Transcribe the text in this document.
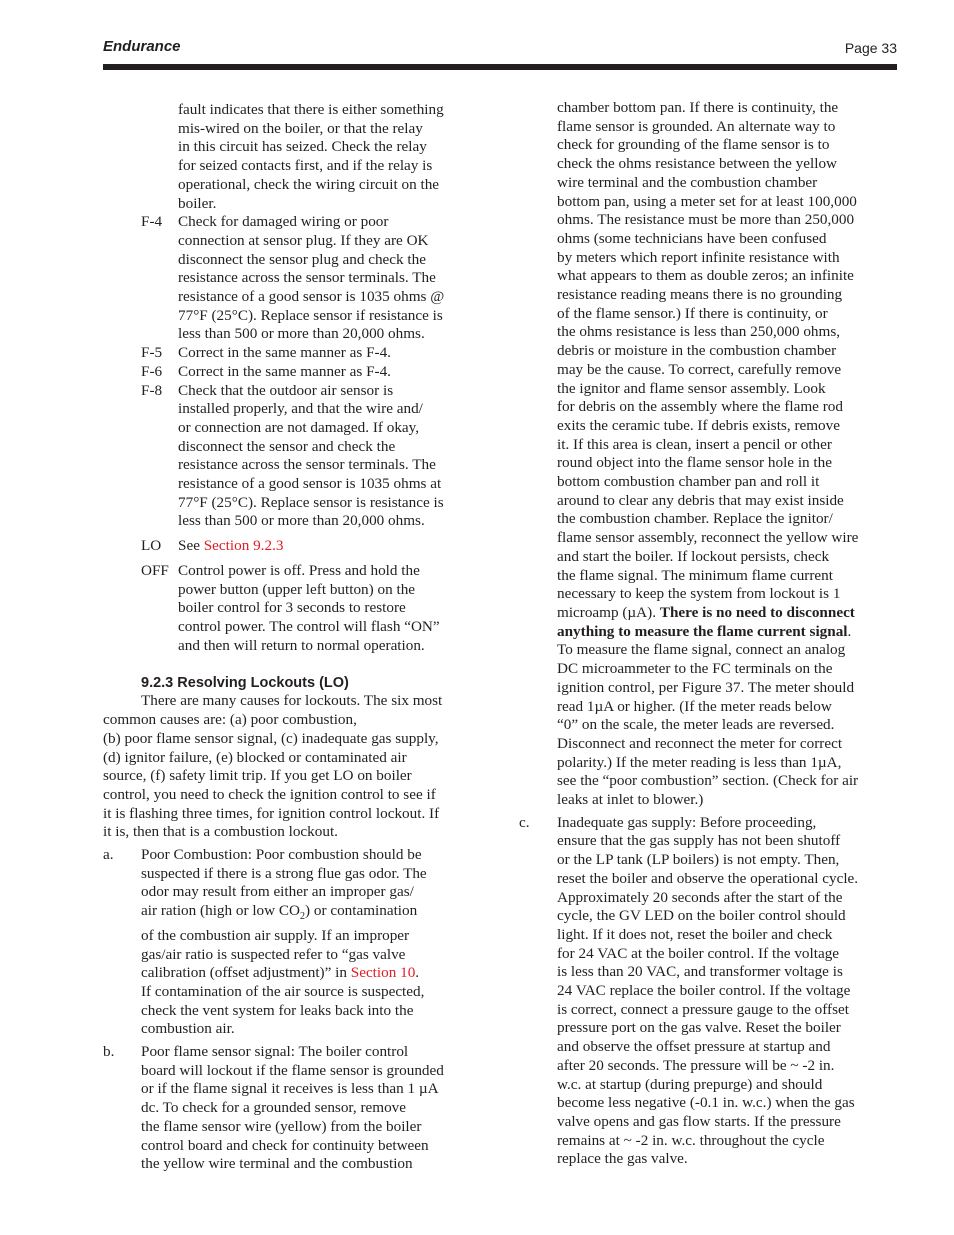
Endurance	Page 33
fault indicates that there is either something
mis-wired on the boiler, or that the relay
in this circuit has seized. Check the relay
for seized contacts first, and if the relay is
operational, check the wiring circuit on the
boiler.
F-4 Check for damaged wiring or poor
connection at sensor plug. If they are OK
disconnect the sensor plug and check the
resistance across the sensor terminals. The
resistance of a good sensor is 1035 ohms @
77°F (25°C). Replace sensor if resistance is
less than 500 or more than 20,000 ohms.
F-5 Correct in the same manner as F-4.
F-6 Correct in the same manner as F-4.
F-8 Check that the outdoor air sensor is
installed properly, and that the wire and/
or connection are not damaged. If okay,
disconnect the sensor and check the
resistance across the sensor terminals. The
resistance of a good sensor is 1035 ohms at
77°F (25°C). Replace sensor is resistance is
less than 500 or more than 20,000 ohms.
LO See Section 9.2.3
OFF Control power is off. Press and hold the
power button (upper left button) on the
boiler control for 3 seconds to restore
control power. The control will flash “ON”
and then will return to normal operation.
9.2.3 Resolving Lockouts (LO)
There are many causes for lockouts. The six most
common causes are: (a) poor combustion,
(b) poor flame sensor signal, (c) inadequate gas supply,
(d) ignitor failure, (e) blocked or contaminated air
source, (f) safety limit trip. If you get LO on boiler
control, you need to check the ignition control to see if
it is flashing three times, for ignition control lockout. If
it is, then that is a combustion lockout.
a. Poor Combustion: Poor combustion should be
suspected if there is a strong flue gas odor. The
odor may result from either an improper gas/
air ration (high or low $CO_2$) or contamination
of the combustion air supply. If an improper
gas/air ratio is suspected refer to “gas valve
calibration (offset adjustment)” in Section 10.
If contamination of the air source is suspected,
check the vent system for leaks back into the
combustion air.
b. Poor flame sensor signal: The boiler control
board will lockout if the flame sensor is grounded
or if the flame signal it receives is less than 1 µA
dc. To check for a grounded sensor, remove
the flame sensor wire (yellow) from the boiler
control board and check for continuity between
the yellow wire terminal and the combustion
chamber bottom pan. If there is continuity, the
flame sensor is grounded. An alternate way to
check for grounding of the flame sensor is to
check the ohms resistance between the yellow
wire terminal and the combustion chamber
bottom pan, using a meter set for at least 100,000
ohms. The resistance must be more than 250,000
ohms (some technicians have been confused
by meters which report infinite resistance with
what appears to them as double zeros; an infinite
resistance reading means there is no grounding
of the flame sensor.) If there is continuity, or
the ohms resistance is less than 250,000 ohms,
debris or moisture in the combustion chamber
may be the cause. To correct, carefully remove
the ignitor and flame sensor assembly. Look
for debris on the assembly where the flame rod
exits the ceramic tube. If debris exists, remove
it. If this area is clean, insert a pencil or other
round object into the flame sensor hole in the
bottom combustion chamber pan and roll it
around to clear any debris that may exist inside
the combustion chamber. Replace the ignitor/
flame sensor assembly, reconnect the yellow wire
and start the boiler. If lockout persists, check
the flame signal. The minimum flame current
necessary to keep the system from lockout is 1
microamp (µA). There is no need to disconnect
anything to measure the flame current signal.
To measure the flame signal, connect an analog
DC microammeter to the FC terminals on the
ignition control, per Figure 37. The meter should
read 1µA or higher. (If the meter reads below
“0” on the scale, the meter leads are reversed.
Disconnect and reconnect the meter for correct
polarity.) If the meter reading is less than 1µA,
see the “poor combustion” section. (Check for air
leaks at inlet to blower.)
c. Inadequate gas supply: Before proceeding,
ensure that the gas supply has not been shutoff
or the LP tank (LP boilers) is not empty. Then,
reset the boiler and observe the operational cycle.
Approximately 20 seconds after the start of the
cycle, the GV LED on the boiler control should
light. If it does not, reset the boiler and check
for 24 VAC at the boiler control. If the voltage
is less than 20 VAC, and transformer voltage is
24 VAC replace the boiler control. If the voltage
is correct, connect a pressure gauge to the offset
pressure port on the gas valve. Reset the boiler
and observe the offset pressure at startup and
after 20 seconds. The pressure will be ~ -2 in.
w.c. at startup (during prepurge) and should
become less negative (-0.1 in. w.c.) when the gas
valve opens and gas flow starts. If the pressure
remains at ~ -2 in. w.c. throughout the cycle
replace the gas valve.
